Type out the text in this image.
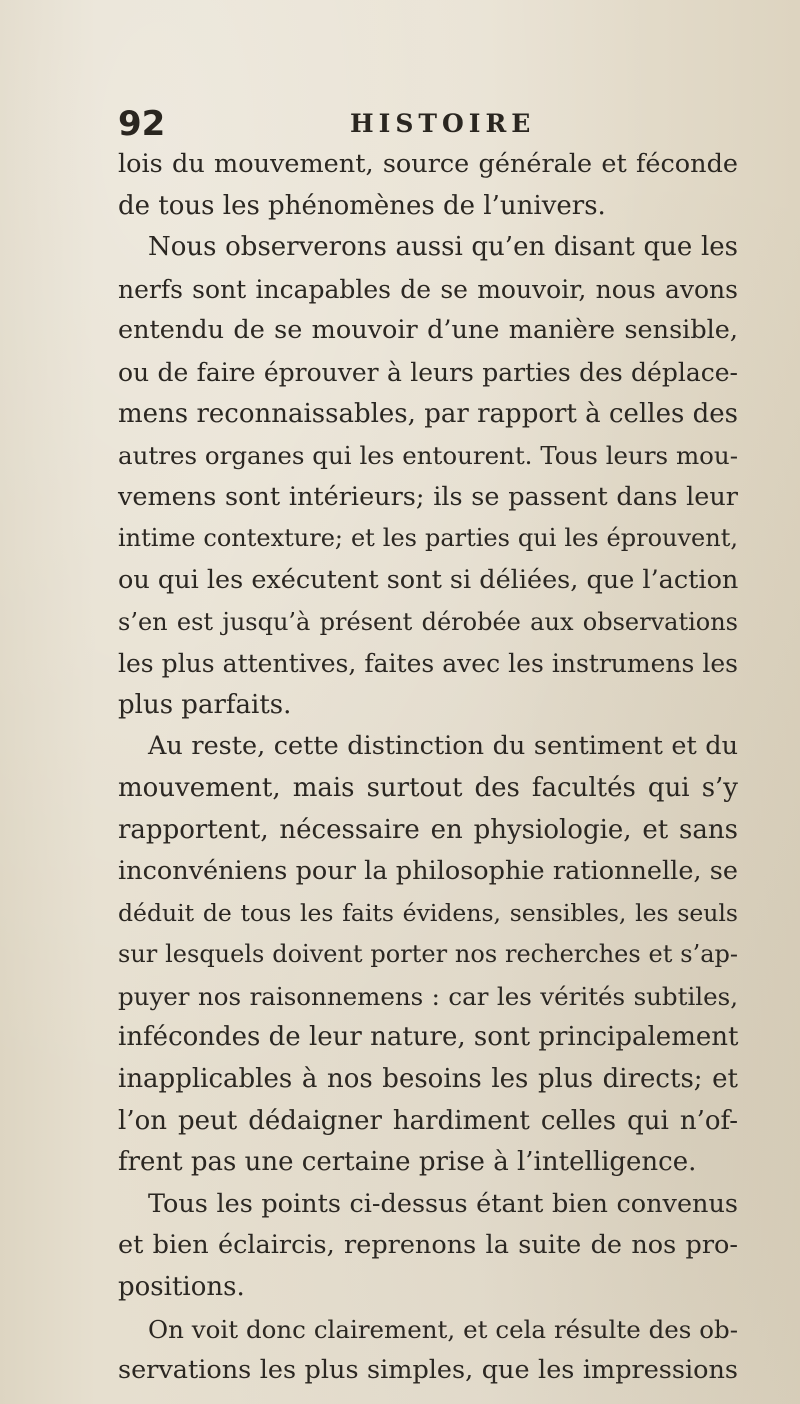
92	HISTOIRE
lois du mouvement, source générale et féconde
de tous les phénomènes de l’univers.
Nous observerons aussi qu’en disant que les
nerfs sont incapables de se mouvoir, nous avons
entendu de se mouvoir d’une manière sensible,
ou de faire éprouver à leurs parties des déplace-
mens reconnaissables, par rapport à celles des
autres organes qui les entourent. Tous leurs mou-
vemens sont intérieurs; ils se passent dans leur
intime contexture; et les parties qui les éprouvent,
ou qui les exécutent sont si déliées, que l’action
s’en est jusqu’à présent dérobée aux observations
les plus attentives, faites avec les instrumens les
plus parfaits.
Au reste, cette distinction du sentiment et du
mouvement, mais surtout des facultés qui s’y
rapportent, nécessaire en physiologie, et sans
inconvéniens pour la philosophie rationnelle, se
déduit de tous les faits évidens, sensibles, les seuls
sur lesquels doivent porter nos recherches et s’ap-
puyer nos raisonnemens : car les vérités subtiles,
infécondes de leur nature, sont principalement
inapplicables à nos besoins les plus directs; et
l’on peut dédaigner hardiment celles qui n’of-
frent pas une certaine prise à l’intelligence.
Tous les points ci-dessus étant bien convenus
et bien éclaircis, reprenons la suite de nos pro-
positions.
On voit donc clairement, et cela résulte des ob-
servations les plus simples, que les impressions
